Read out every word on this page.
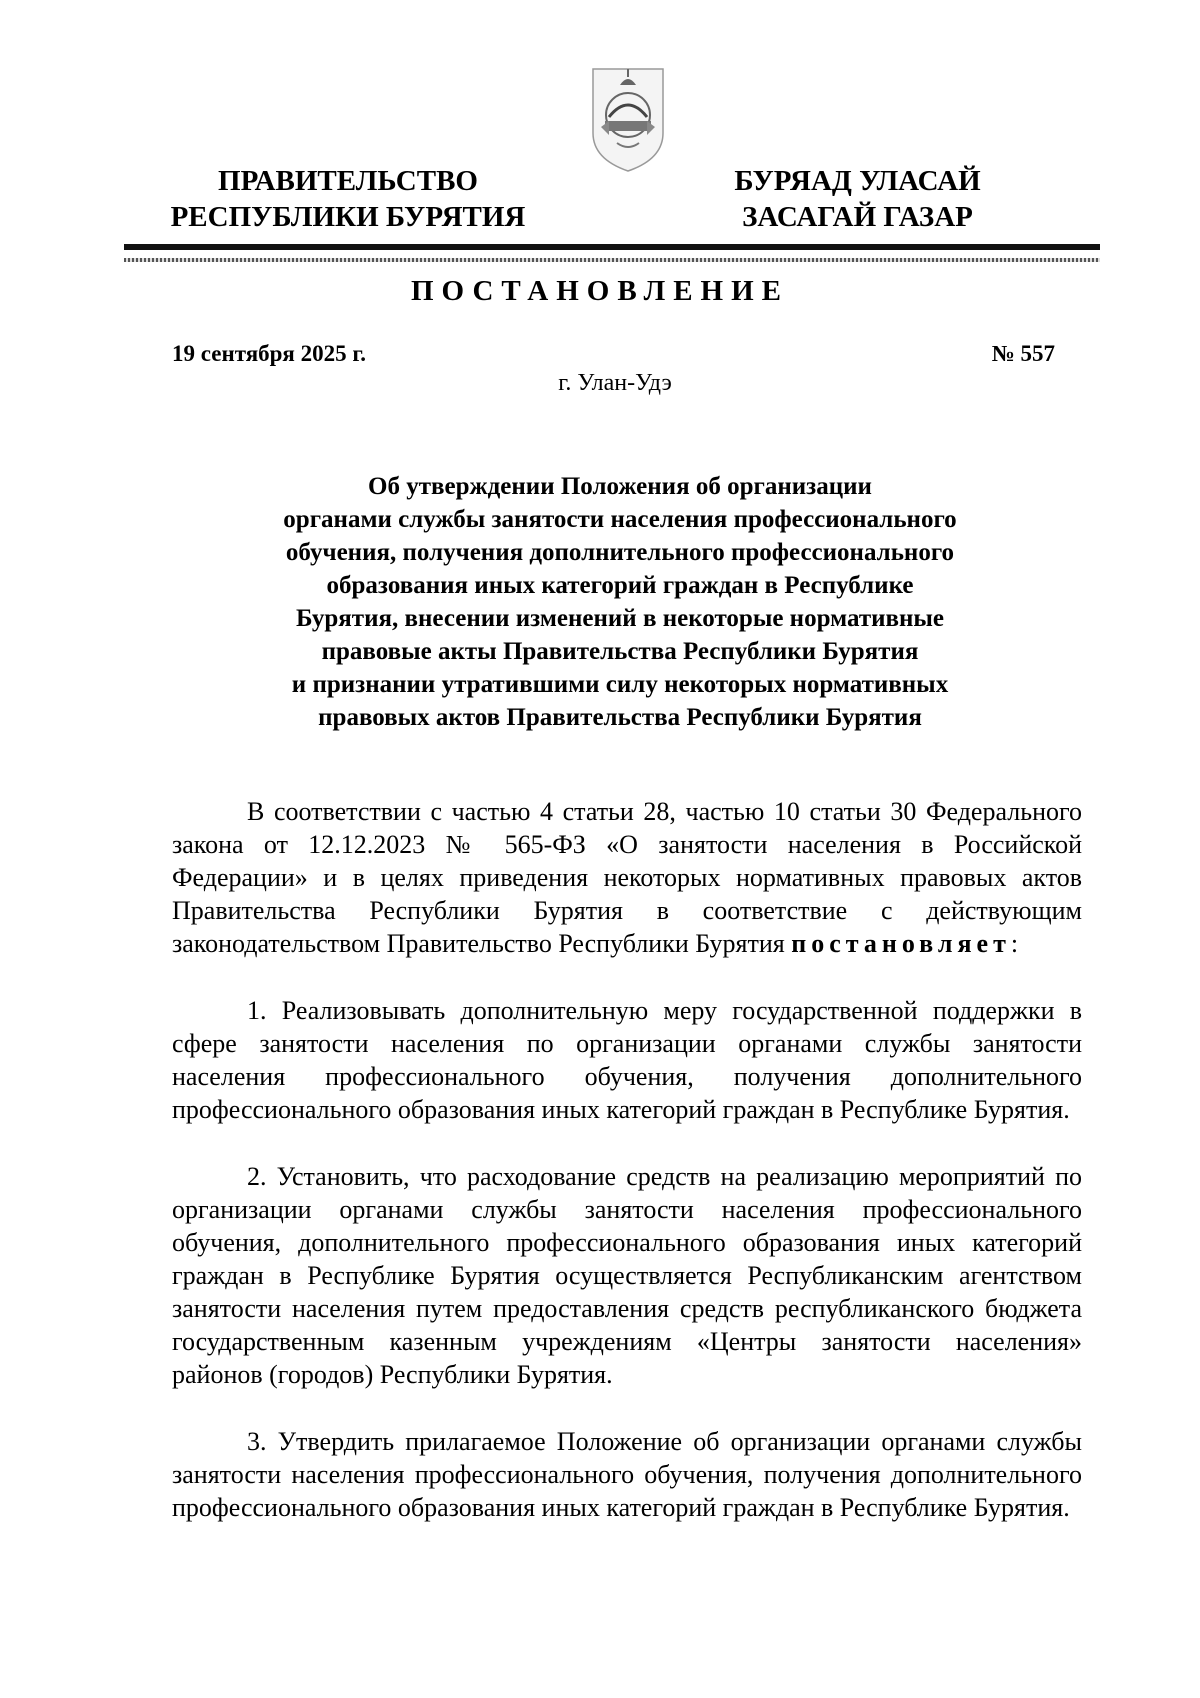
ПРАВИТЕЛЬСТВО
РЕСПУБЛИКИ БУРЯТИЯ
БУРЯАД УЛАСАЙ
ЗАСАГАЙ ГАЗАР
ПОСТАНОВЛЕНИЕ
19 сентября 2025 г.	№ 557
г. Улан-Удэ
Об утверждении Положения об организации
органами службы занятости населения профессионального
обучения, получения дополнительного профессионального
образования иных категорий граждан в Республике
Бурятия, внесении изменений в некоторые нормативные
правовые акты Правительства Республики Бурятия
и признании утратившими силу некоторых нормативных
правовых актов Правительства Республики Бурятия

В соответствии с частью 4 статьи 28, частью 10 статьи 30 Федерального закона от 12.12.2023 № 565-ФЗ «О занятости населения в Российской Федерации» и в целях приведения некоторых нормативных правовых актов Правительства Республики Бурятия в соответствие с действующим законодательством Правительство Республики Бурятия постановляет:

1. Реализовывать дополнительную меру государственной поддержки в сфере занятости населения по организации органами службы занятости населения профессионального обучения, получения дополнительного профессионального образования иных категорий граждан в Республике Бурятия.

2. Установить, что расходование средств на реализацию мероприятий по организации органами службы занятости населения профессионального обучения, дополнительного профессионального образования иных категорий граждан в Республике Бурятия осуществляется Республиканским агентством занятости населения путем предоставления средств республиканского бюджета государственным казенным учреждениям «Центры занятости населения» районов (городов) Республики Бурятия.

3. Утвердить прилагаемое Положение об организации органами службы занятости населения профессионального обучения, получения дополнительного профессионального образования иных категорий граждан в Республике Бурятия.
